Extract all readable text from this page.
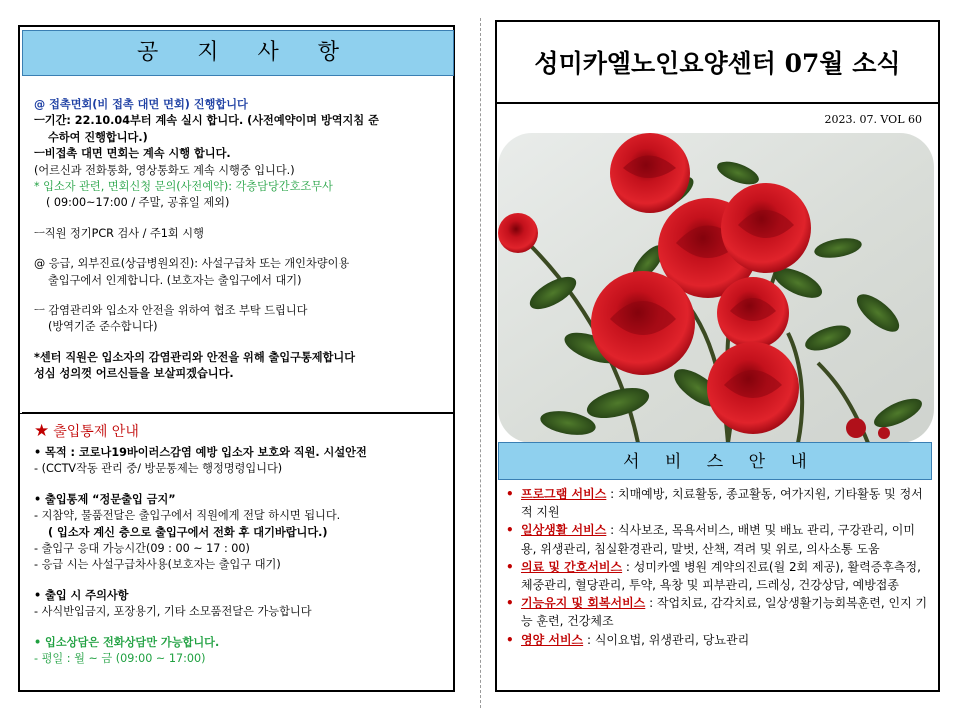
공 지 사 항

@ 접촉면회(비 접촉 대면 면회) 진행합니다

ㅡ기간: 22.10.04부터 계속 실시 합니다. (사전예약이며 방역지침 준

수하여 진행합니다.)

ㅡ비접촉 대면 면회는 계속 시행 합니다.

(어르신과 전화통화, 영상통화도 계속 시행중 입니다.)

* 입소자 관련, 면회신청 문의(사전예약): 각층담당간호조무사

( 09:00~17:00 / 주말, 공휴일 제외)

ㅡ직원 정기PCR 검사 / 주1회 시행

@ 응급, 외부진료(상급병원외진): 사설구급차 또는 개인차량이용

출입구에서 인계합니다. (보호자는 출입구에서 대기)

ㅡ 감염관리와 입소자 안전을 위하여 협조 부탁 드립니다

(방역기준 준수합니다)

*센터 직원은 입소자의 감염관리와 안전을 위해 출입구통제합니다

성심 성의껏 어르신들을 보살피겠습니다.

★ 출입통제 안내

• 목적 : 코로나19바이러스감염 예방 입소자 보호와 직원. 시설안전

- (CCTV작동 관리 중/ 방문통제는 행정명령입니다)

• 출입통제 “정문출입 금지”

- 지참약, 물품전달은 출입구에서 직원에게 전달 하시면 됩니다.

( 입소자 계신 층으로 출입구에서 전화 후 대기바랍니다.)

- 출입구 응대 가능시간(09 : 00 ~ 17 : 00)

- 응급 시는 사설구급차사용(보호자는 출입구 대기)

• 출입 시 주의사항

- 사식반입금지, 포장용기, 기타 소모품전달은 가능합니다

• 입소상담은 전화상담만 가능합니다.

- 평일 : 월 ~ 금 (09:00 ~ 17:00)

성미카엘노인요양센터 07월 소식
2023. 07. VOL 60
서 비 스 안 내
• 프로그램 서비스 : 치매예방, 치료활동, 종교활동, 여가지원, 기타활동 및 정서적 지원
• 일상생활 서비스 : 식사보조, 목욕서비스, 배변 및 배뇨 관리, 구강관리, 이미용, 위생관리, 침실환경관리, 말벗, 산책, 격려 및 위로, 의사소통 도움
• 의료 및 간호서비스 : 성미카엘 병원 계약의진료(월 2회 제공), 활력증후측정, 체중관리, 혈당관리, 투약, 욕창 및 피부관리, 드레싱, 건강상담, 예방접종
• 기능유지 및 회복서비스 : 작업치료, 감각치료, 일상생활기능회복훈련, 인지 기능 훈련, 건강체조
• 영양 서비스 : 식이요법, 위생관리, 당뇨관리
